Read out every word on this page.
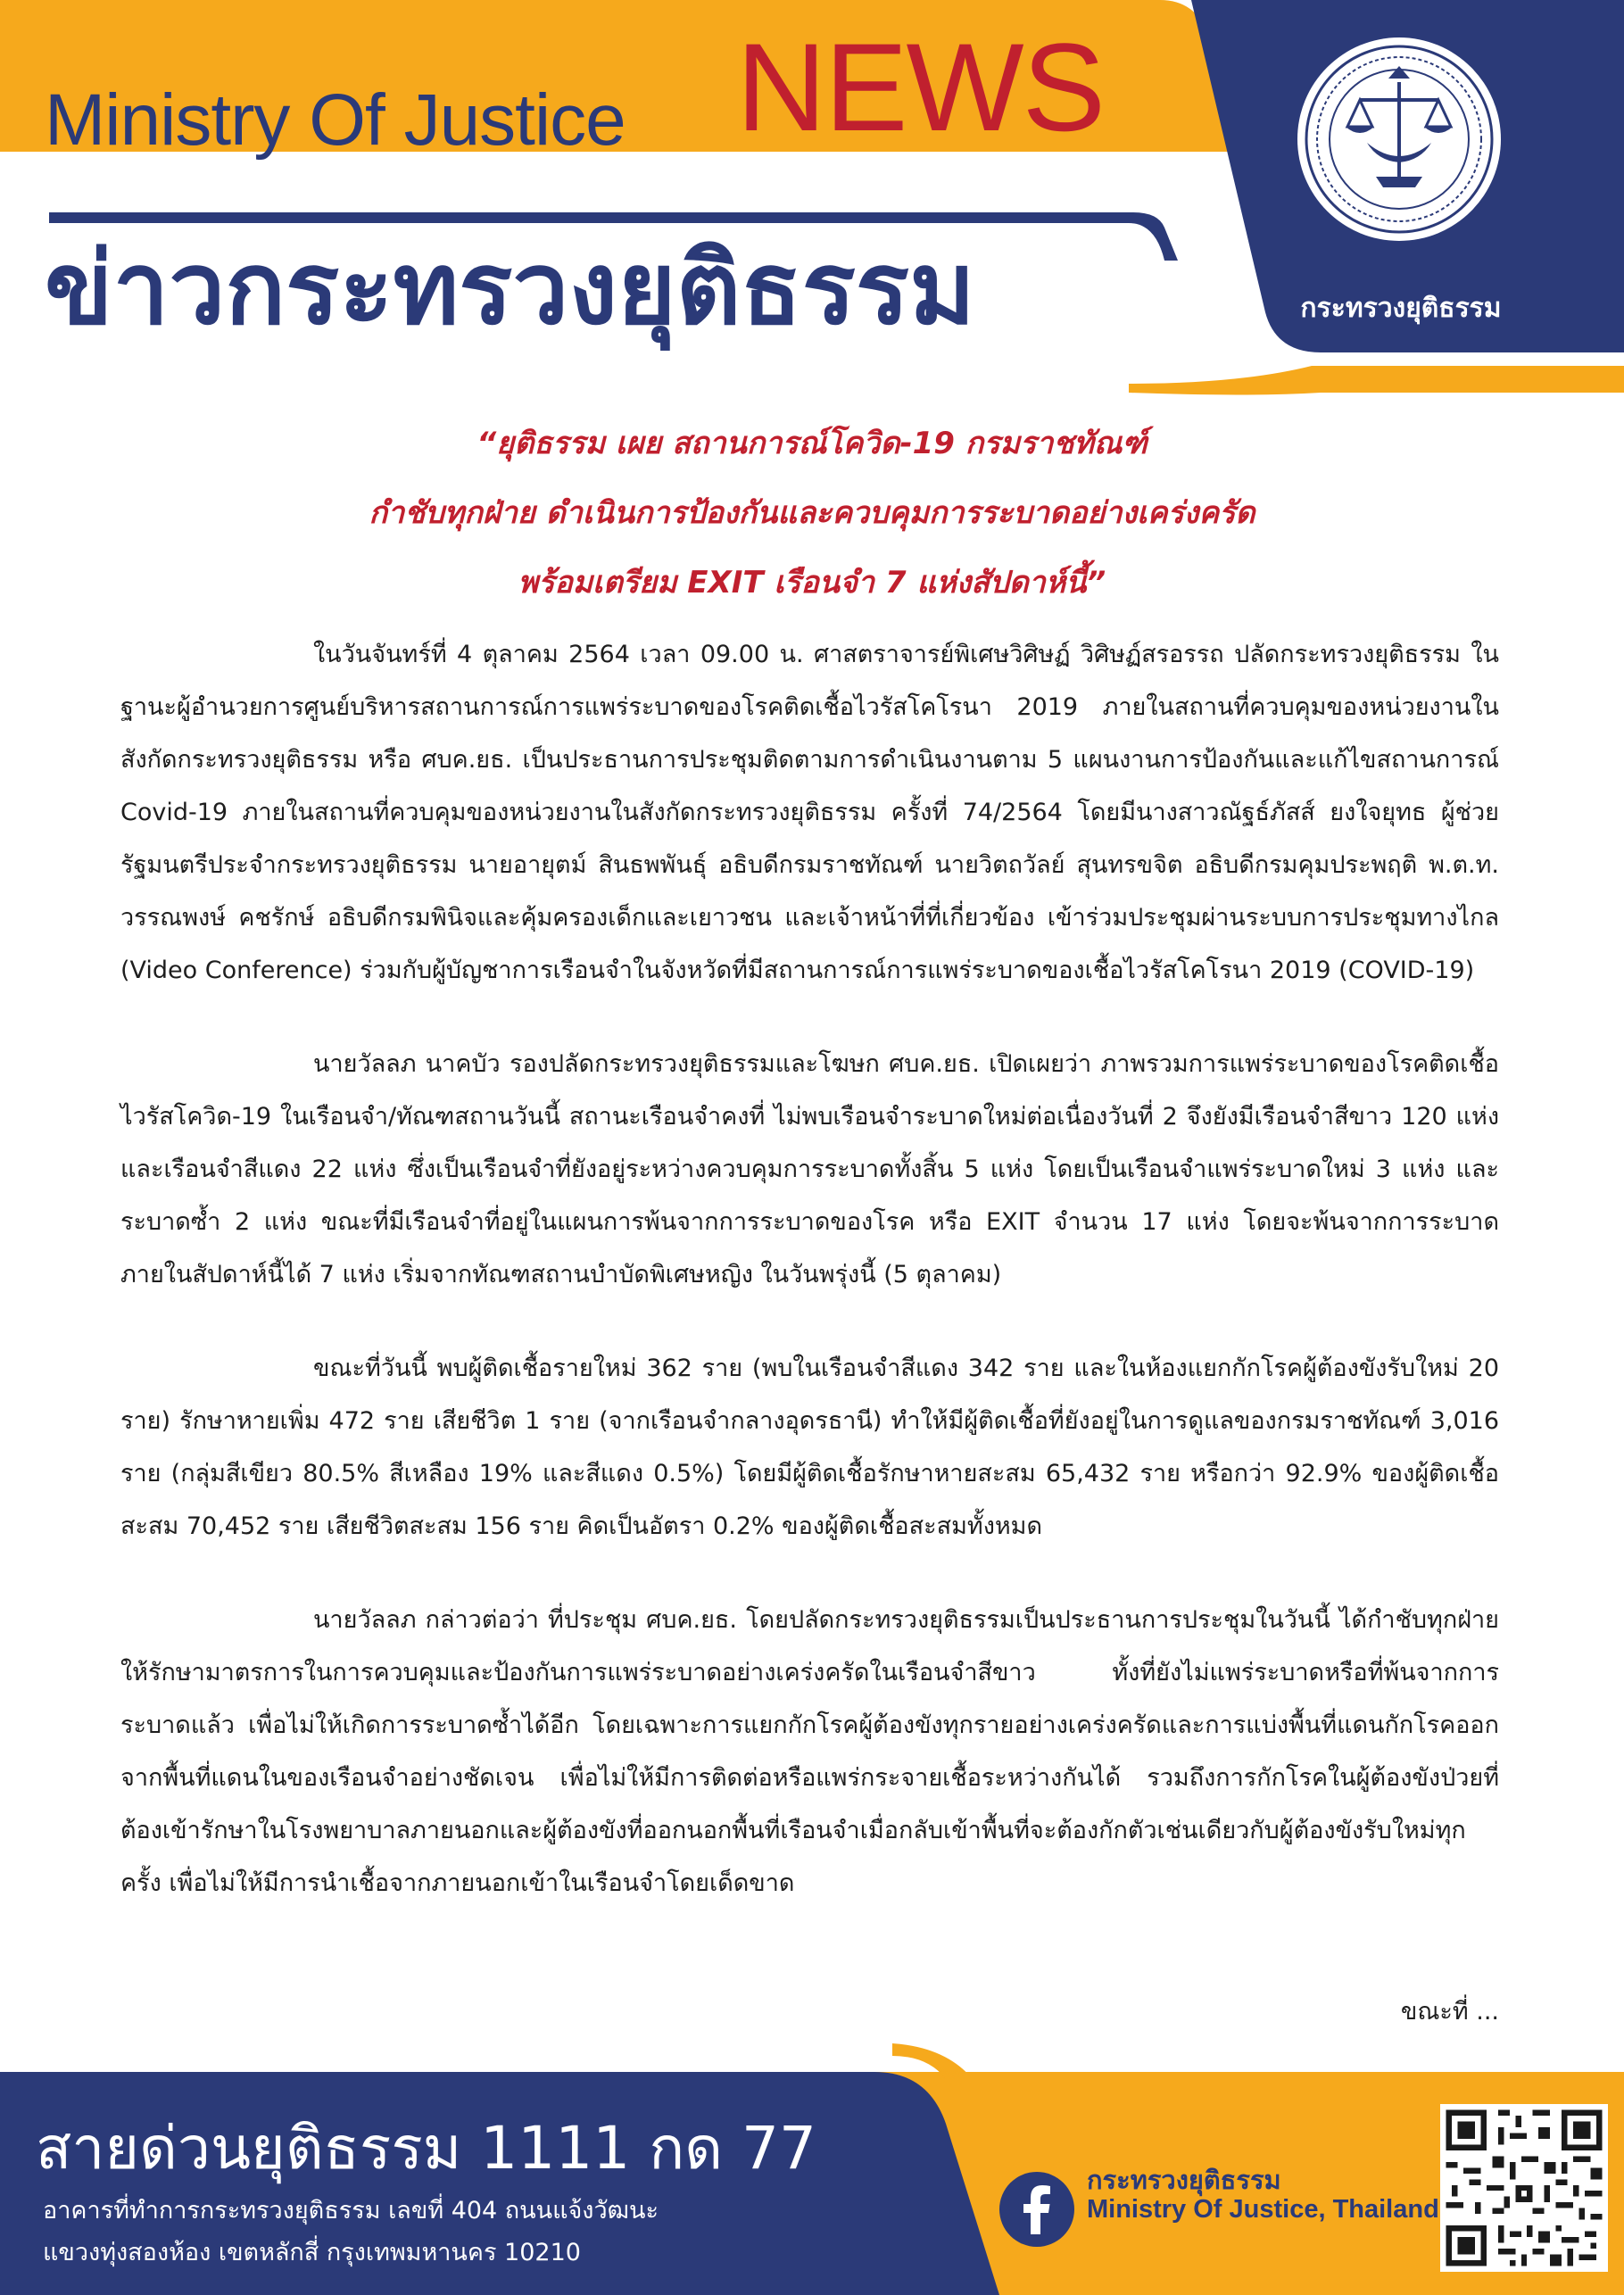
Ministry Of Justice NEWS
ข่าวกระทรวงยุติธรรม	กระทรวงยุติธรรม
“ยุติธรรม เผย สถานการณ์โควิด-19 กรมราชทัณฑ์
กำชับทุกฝ่าย ดำเนินการป้องกันและควบคุมการระบาดอย่างเคร่งครัด
พร้อมเตรียม EXIT เรือนจำ 7 แห่งสัปดาห์นี้”

ในวันจันทร์ที่ 4 ตุลาคม 2564 เวลา 09.00 น. ศาสตราจารย์พิเศษวิศิษฏ์ วิศิษฏ์สรอรรถ ปลัดกระทรวงยุติธรรม ในฐานะผู้อำนวยการศูนย์บริหารสถานการณ์การแพร่ระบาดของโรคติดเชื้อไวรัสโคโรนา 2019 ภายในสถานที่ควบคุมของหน่วยงานในสังกัดกระทรวงยุติธรรม หรือ ศบค.ยธ. เป็นประธานการประชุมติดตามการดำเนินงานตาม 5 แผนงานการป้องกันและแก้ไขสถานการณ์ Covid-19 ภายในสถานที่ควบคุมของหน่วยงานในสังกัดกระทรวงยุติธรรม ครั้งที่ 74/2564 โดยมีนางสาวณัฐธ์ภัสส์ ยงใจยุทธ ผู้ช่วยรัฐมนตรีประจำกระทรวงยุติธรรม นายอายุตม์ สินธพพันธุ์ อธิบดีกรมราชทัณฑ์ นายวิตถวัลย์ สุนทรขจิต อธิบดีกรมคุมประพฤติ พ.ต.ท. วรรณพงษ์ คชรักษ์ อธิบดีกรมพินิจและคุ้มครองเด็กและเยาวชน และเจ้าหน้าที่ที่เกี่ยวข้อง เข้าร่วมประชุมผ่านระบบการประชุมทางไกล (Video Conference) ร่วมกับผู้บัญชาการเรือนจำในจังหวัดที่มีสถานการณ์การแพร่ระบาดของเชื้อไวรัสโคโรนา 2019 (COVID-19)

นายวัลลภ นาคบัว รองปลัดกระทรวงยุติธรรมและโฆษก ศบค.ยธ. เปิดเผยว่า ภาพรวมการแพร่ระบาดของโรคติดเชื้อไวรัสโควิด-19 ในเรือนจำ/ทัณฑสถานวันนี้ สถานะเรือนจำคงที่ ไม่พบเรือนจำระบาดใหม่ต่อเนื่องวันที่ 2 จึงยังมีเรือนจำสีขาว 120 แห่ง และเรือนจำสีแดง 22 แห่ง ซึ่งเป็นเรือนจำที่ยังอยู่ระหว่างควบคุมการระบาดทั้งสิ้น 5 แห่ง โดยเป็นเรือนจำแพร่ระบาดใหม่ 3 แห่ง และระบาดซ้ำ 2 แห่ง ขณะที่มีเรือนจำที่อยู่ในแผนการพ้นจากการระบาดของโรค หรือ EXIT จำนวน 17 แห่ง โดยจะพ้นจากการระบาดภายในสัปดาห์นี้ได้ 7 แห่ง เริ่มจากทัณฑสถานบำบัดพิเศษหญิง ในวันพรุ่งนี้ (5 ตุลาคม)

ขณะที่วันนี้ พบผู้ติดเชื้อรายใหม่ 362 ราย (พบในเรือนจำสีแดง 342 ราย และในห้องแยกกักโรคผู้ต้องขังรับใหม่ 20 ราย) รักษาหายเพิ่ม 472 ราย เสียชีวิต 1 ราย (จากเรือนจำกลางอุดรธานี) ทำให้มีผู้ติดเชื้อที่ยังอยู่ในการดูแลของกรมราชทัณฑ์ 3,016 ราย (กลุ่มสีเขียว 80.5% สีเหลือง 19% และสีแดง 0.5%) โดยมีผู้ติดเชื้อรักษาหายสะสม 65,432 ราย หรือกว่า 92.9% ของผู้ติดเชื้อสะสม 70,452 ราย เสียชีวิตสะสม 156 ราย คิดเป็นอัตรา 0.2% ของผู้ติดเชื้อสะสมทั้งหมด

นายวัลลภ กล่าวต่อว่า ที่ประชุม ศบค.ยธ. โดยปลัดกระทรวงยุติธรรมเป็นประธานการประชุมในวันนี้ ได้กำชับทุกฝ่ายให้รักษามาตรการในการควบคุมและป้องกันการแพร่ระบาดอย่างเคร่งครัดในเรือนจำสีขาว ทั้งที่ยังไม่แพร่ระบาดหรือที่พ้นจากการระบาดแล้ว เพื่อไม่ให้เกิดการระบาดซ้ำได้อีก โดยเฉพาะการแยกกักโรคผู้ต้องขังทุกรายอย่างเคร่งครัดและการแบ่งพื้นที่แดนกักโรคออกจากพื้นที่แดนในของเรือนจำอย่างชัดเจน เพื่อไม่ให้มีการติดต่อหรือแพร่กระจายเชื้อระหว่างกันได้ รวมถึงการกักโรคในผู้ต้องขังป่วยที่ต้องเข้ารักษาในโรงพยาบาลภายนอกและผู้ต้องขังที่ออกนอกพื้นที่เรือนจำเมื่อกลับเข้าพื้นที่จะต้องกักตัวเช่นเดียวกับผู้ต้องขังรับใหม่ทุกครั้ง เพื่อไม่ให้มีการนำเชื้อจากภายนอกเข้าในเรือนจำโดยเด็ดขาด

ขณะที่ ...
สายด่วนยุติธรรม 1111 กด 77
อาคารที่ทำการกระทรวงยุติธรรม เลขที่ 404 ถนนแจ้งวัฒนะ
แขวงทุ่งสองห้อง เขตหลักสี่ กรุงเทพมหานคร 10210
กระทรวงยุติธรรม
Ministry Of Justice, Thailand
